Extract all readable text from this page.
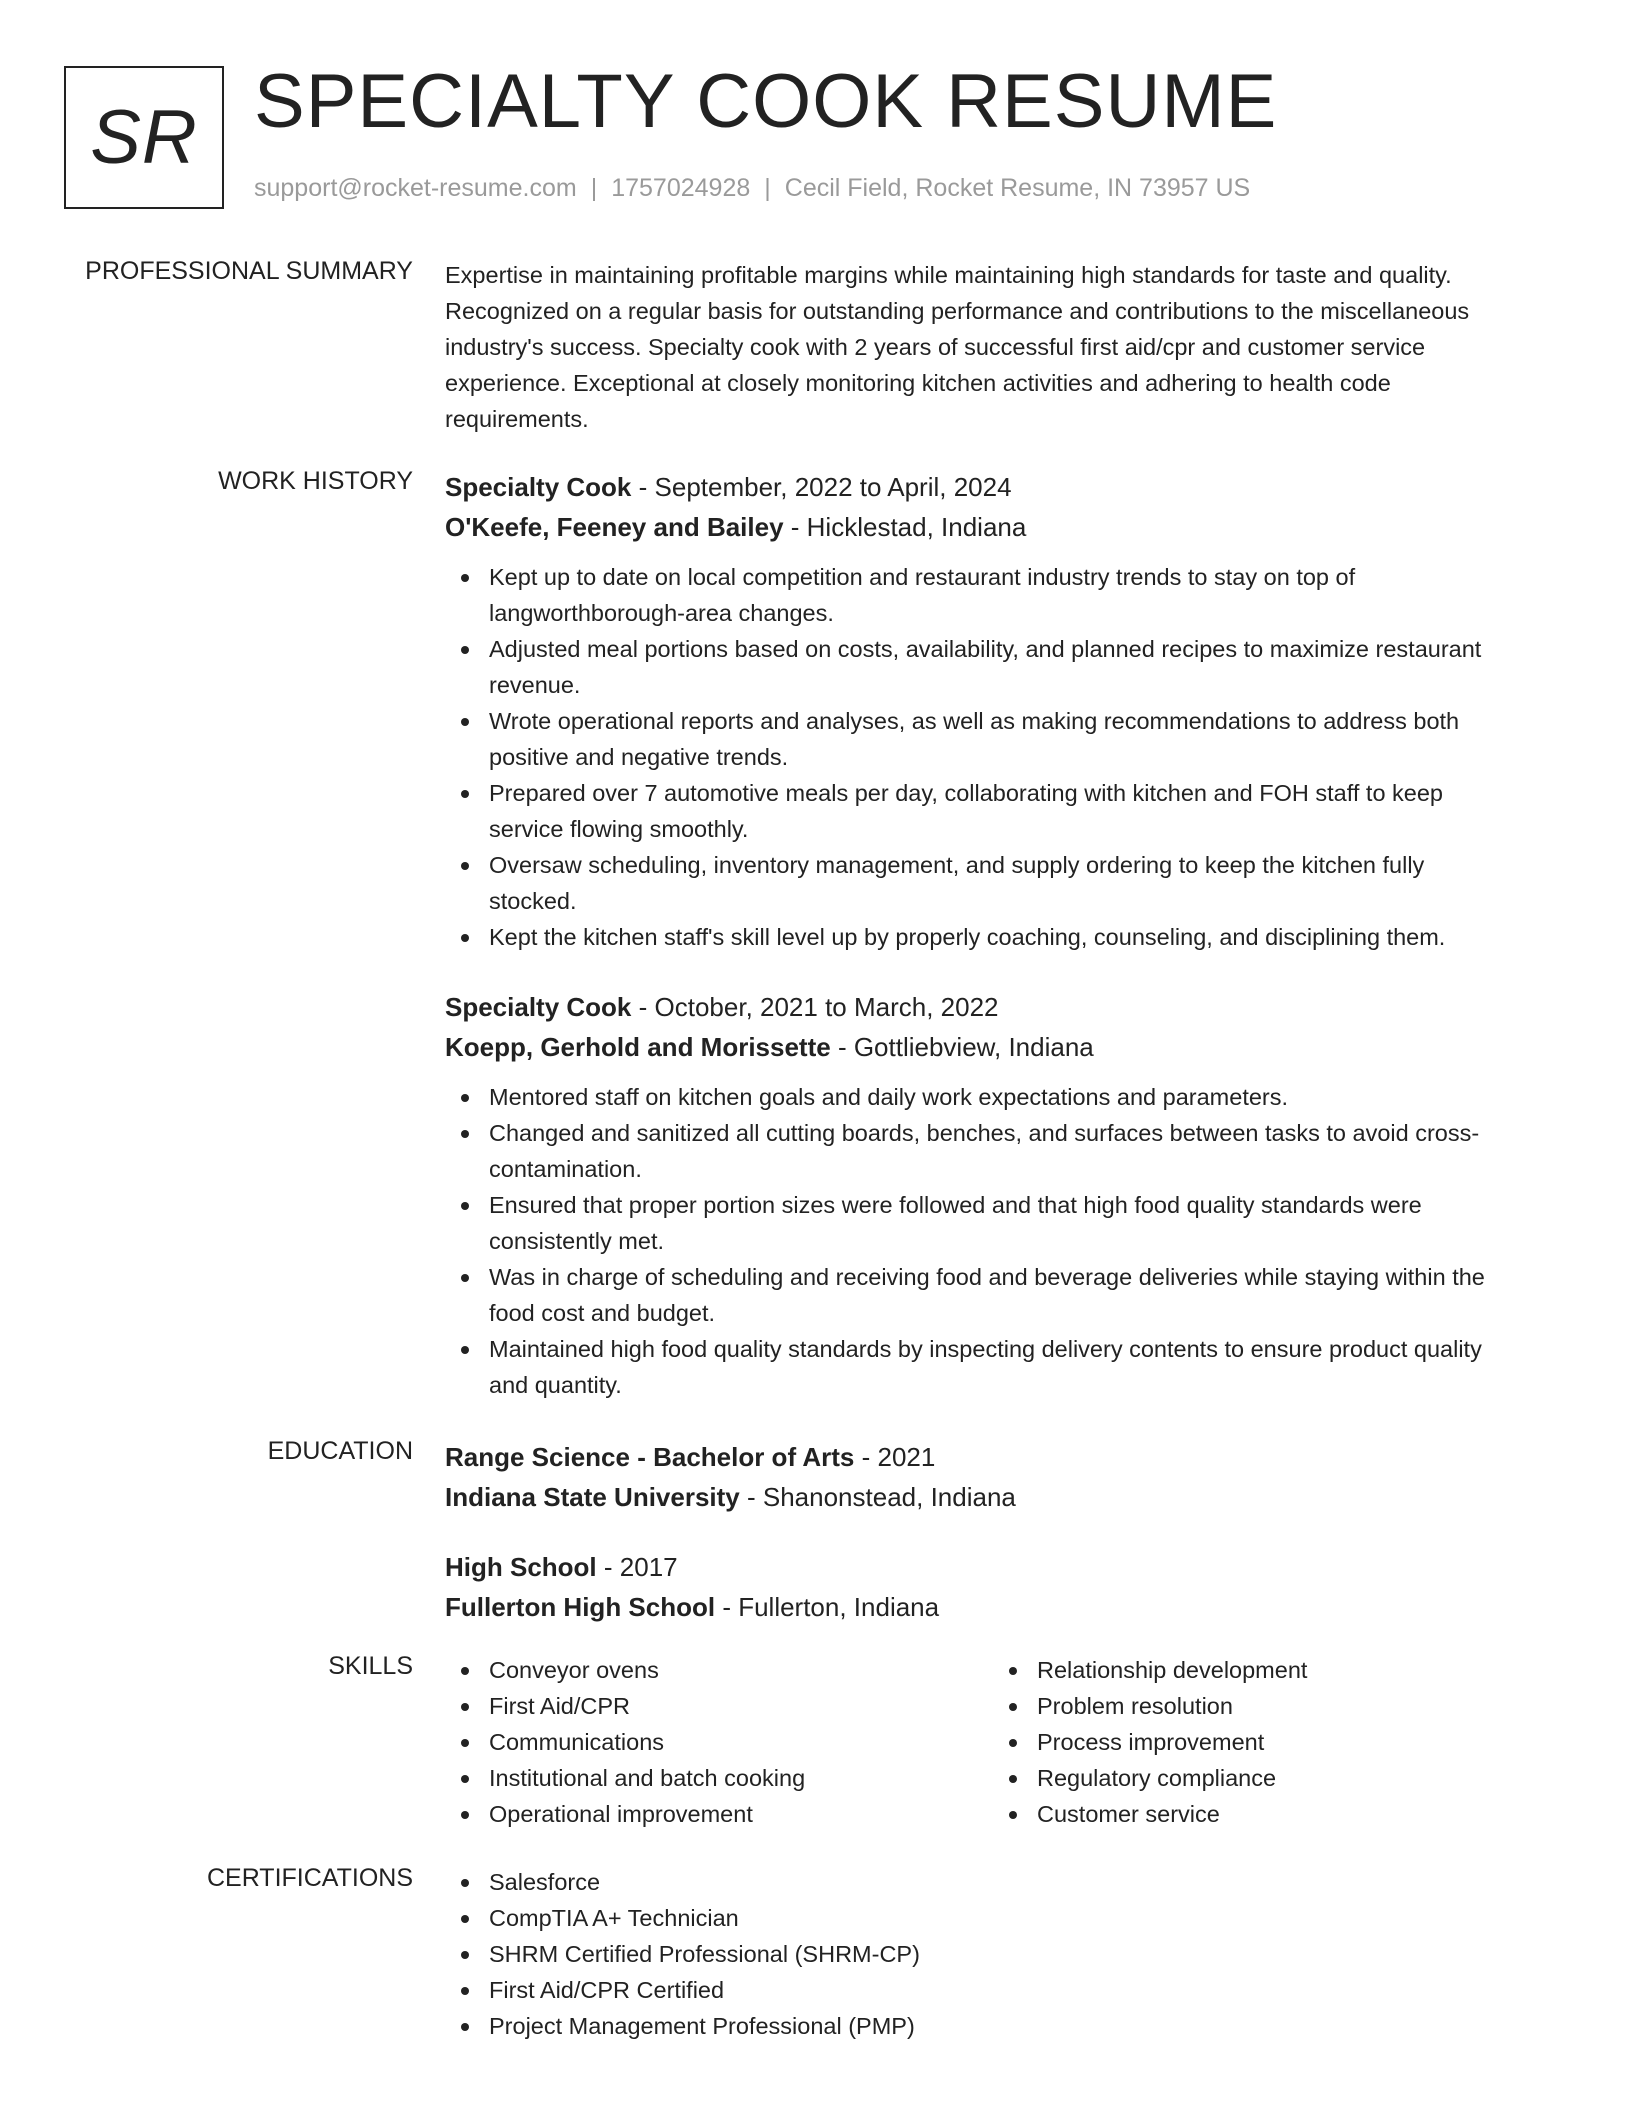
SR SPECIALTY COOK RESUME
support@rocket-resume.com | 1757024928 | Cecil Field, Rocket Resume, IN 73957 US
PROFESSIONAL SUMMARY Expertise in maintaining profitable margins while maintaining high standards for taste and quality.

Recognized on a regular basis for outstanding performance and contributions to the miscellaneous

industry's success. Specialty cook with 2 years of successful first aid/cpr and customer service

experience. Exceptional at closely monitoring kitchen activities and adhering to health code

requirements.

WORK HISTORY Specialty Cook - September, 2022 to April, 2024
O'Keefe, Feeney and Bailey - Hicklestad, Indiana
Kept up to date on local competition and restaurant industry trends to stay on top of
langworthborough-area changes.
Adjusted meal portions based on costs, availability, and planned recipes to maximize restaurant
revenue.
Wrote operational reports and analyses, as well as making recommendations to address both
positive and negative trends.
Prepared over 7 automotive meals per day, collaborating with kitchen and FOH staff to keep
service flowing smoothly.
Oversaw scheduling, inventory management, and supply ordering to keep the kitchen fully
stocked.
Kept the kitchen staff's skill level up by properly coaching, counseling, and disciplining them.
Specialty Cook - October, 2021 to March, 2022
Koepp, Gerhold and Morissette - Gottliebview, Indiana
Mentored staff on kitchen goals and daily work expectations and parameters.
Changed and sanitized all cutting boards, benches, and surfaces between tasks to avoid cross-
contamination.
Ensured that proper portion sizes were followed and that high food quality standards were
consistently met.
Was in charge of scheduling and receiving food and beverage deliveries while staying within the
food cost and budget.
Maintained high food quality standards by inspecting delivery contents to ensure product quality
and quantity.
EDUCATION Range Science - Bachelor of Arts - 2021
Indiana State University - Shanonstead, Indiana
High School - 2017
Fullerton High School - Fullerton, Indiana
SKILLS	Conveyor ovens
First Aid/CPR
Communications
Institutional and batch cooking
Operational improvement
Relationship development
Problem resolution
Process improvement
Regulatory compliance
Customer service
CERTIFICATIONS	Salesforce
CompTIA A+ Technician
SHRM Certified Professional (SHRM-CP)
First Aid/CPR Certified
Project Management Professional (PMP)
